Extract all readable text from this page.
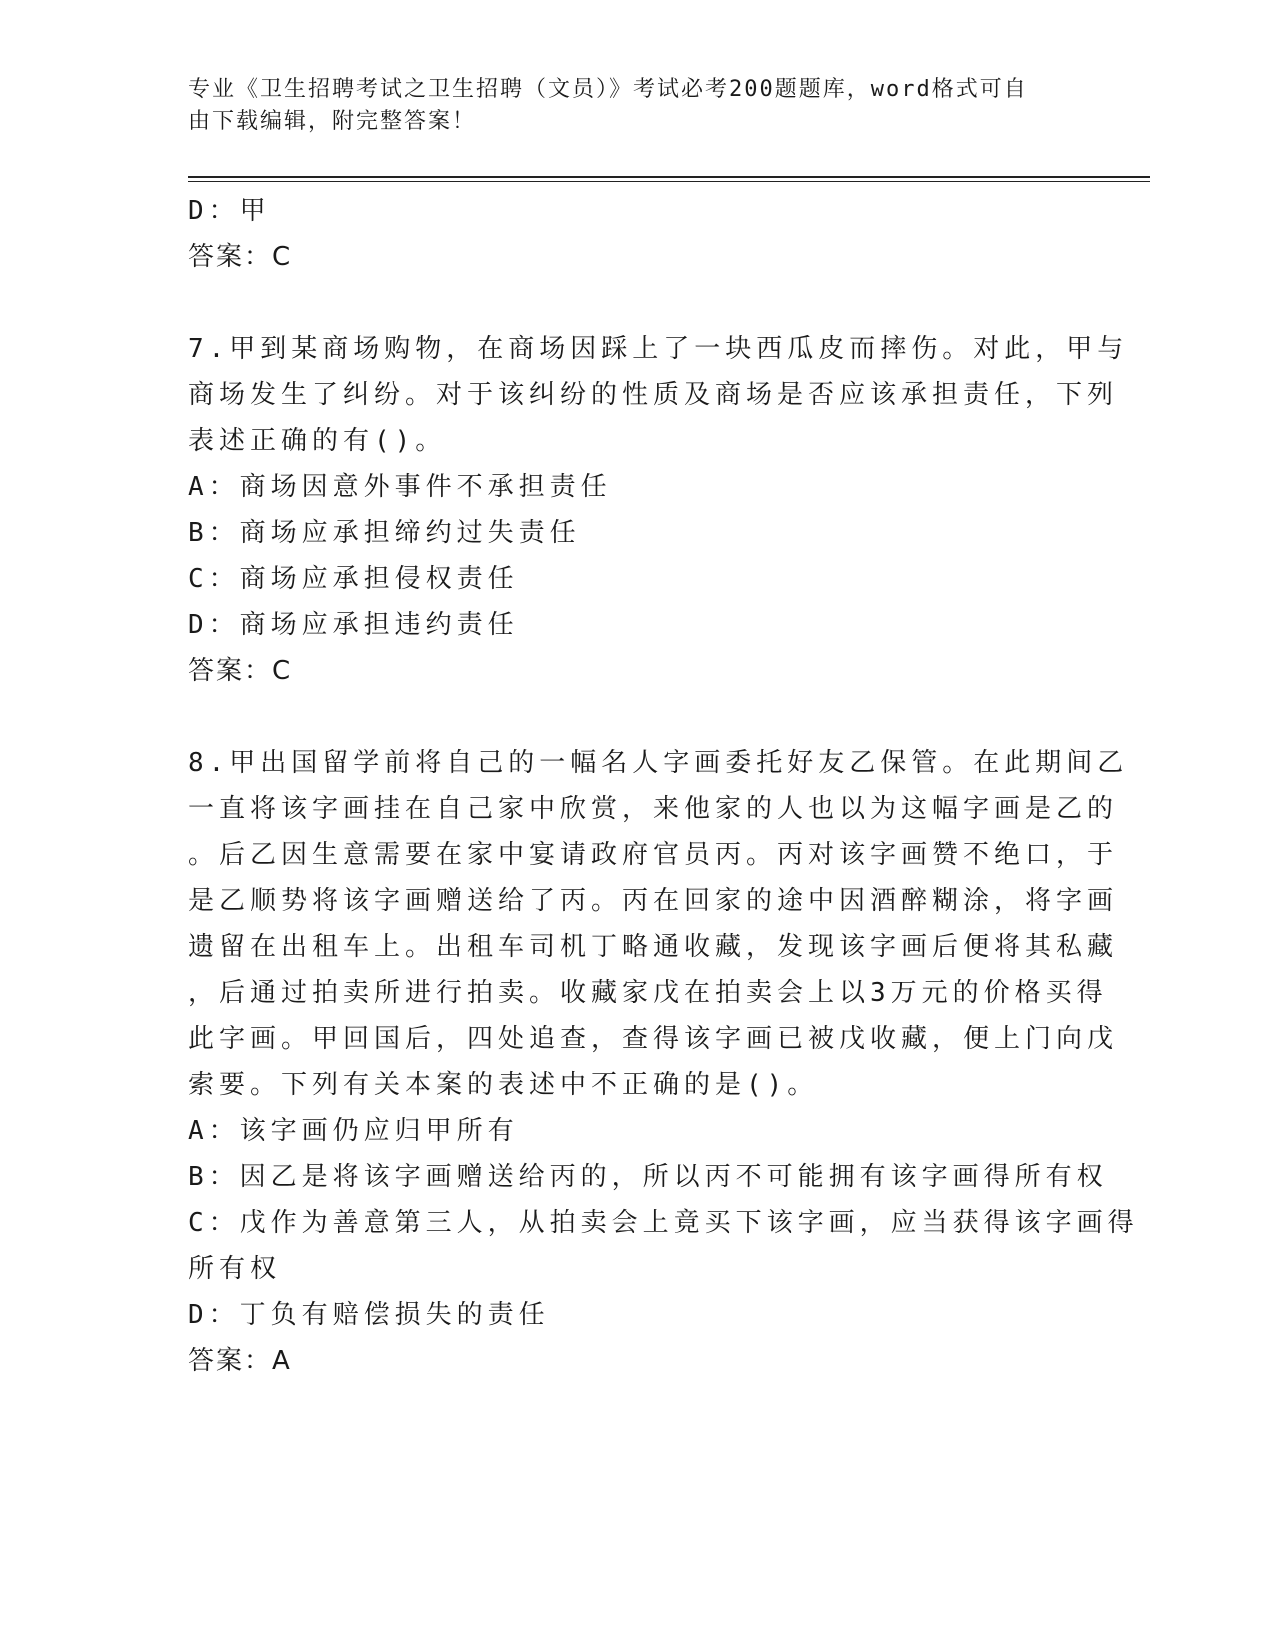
专业《卫生招聘考试之卫生招聘（文员）》考试必考200题题库，word格式可自
由下载编辑，附完整答案！
D：甲
答案：C
7.甲到某商场购物，在商场因踩上了一块西瓜皮而摔伤。对此，甲与
商场发生了纠纷。对于该纠纷的性质及商场是否应该承担责任，下列
表述正确的有()。
A：商场因意外事件不承担责任
B：商场应承担缔约过失责任
C：商场应承担侵权责任
D：商场应承担违约责任
答案：C
8.甲出国留学前将自己的一幅名人字画委托好友乙保管。在此期间乙
一直将该字画挂在自己家中欣赏，来他家的人也以为这幅字画是乙的
。后乙因生意需要在家中宴请政府官员丙。丙对该字画赞不绝口，于
是乙顺势将该字画赠送给了丙。丙在回家的途中因酒醉糊涂，将字画
遗留在出租车上。出租车司机丁略通收藏，发现该字画后便将其私藏
，后通过拍卖所进行拍卖。收藏家戊在拍卖会上以3万元的价格买得
此字画。甲回国后，四处追查，查得该字画已被戊收藏，便上门向戊
索要。下列有关本案的表述中不正确的是()。
A：该字画仍应归甲所有
B：因乙是将该字画赠送给丙的，所以丙不可能拥有该字画得所有权
C：戊作为善意第三人，从拍卖会上竟买下该字画，应当获得该字画得
所有权
D：丁负有赔偿损失的责任
答案：A
